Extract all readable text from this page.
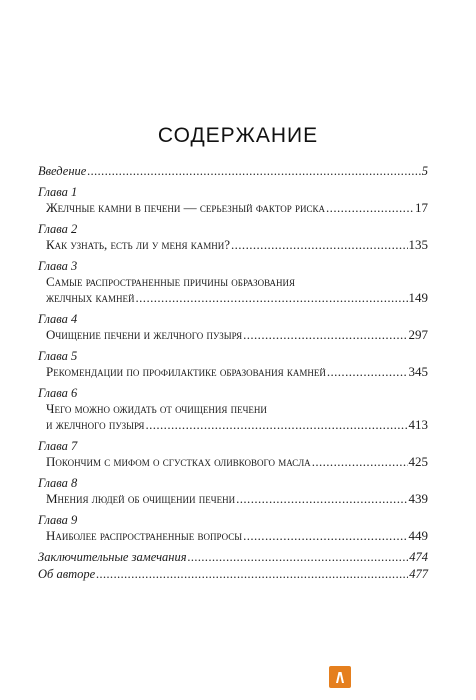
СОДЕРЖАНИЕ
Введение .....	5
Глава 1
Желчные камни в печени — серьезный фактор риска .....	17
Глава 2
Как узнать, есть ли у меня камни? .....	135
Глава 3
Самые распространенные причины образования
желчных камней .....	149
Глава 4
Очищение печени и желчного пузыря .....	297
Глава 5
Рекомендации по профилактике образования камней .....	345
Глава 6
Чего можно ожидать от очищения печени
и желчного пузыря .....	413
Глава 7
Покончим с мифом о сгустках оливкового масла .....	425
Глава 8
Мнения людей об очищении печени .....	439
Глава 9
Наиболее распространенные вопросы .....	449
Заключительные замечания .....	474
Об авторе .....	477
